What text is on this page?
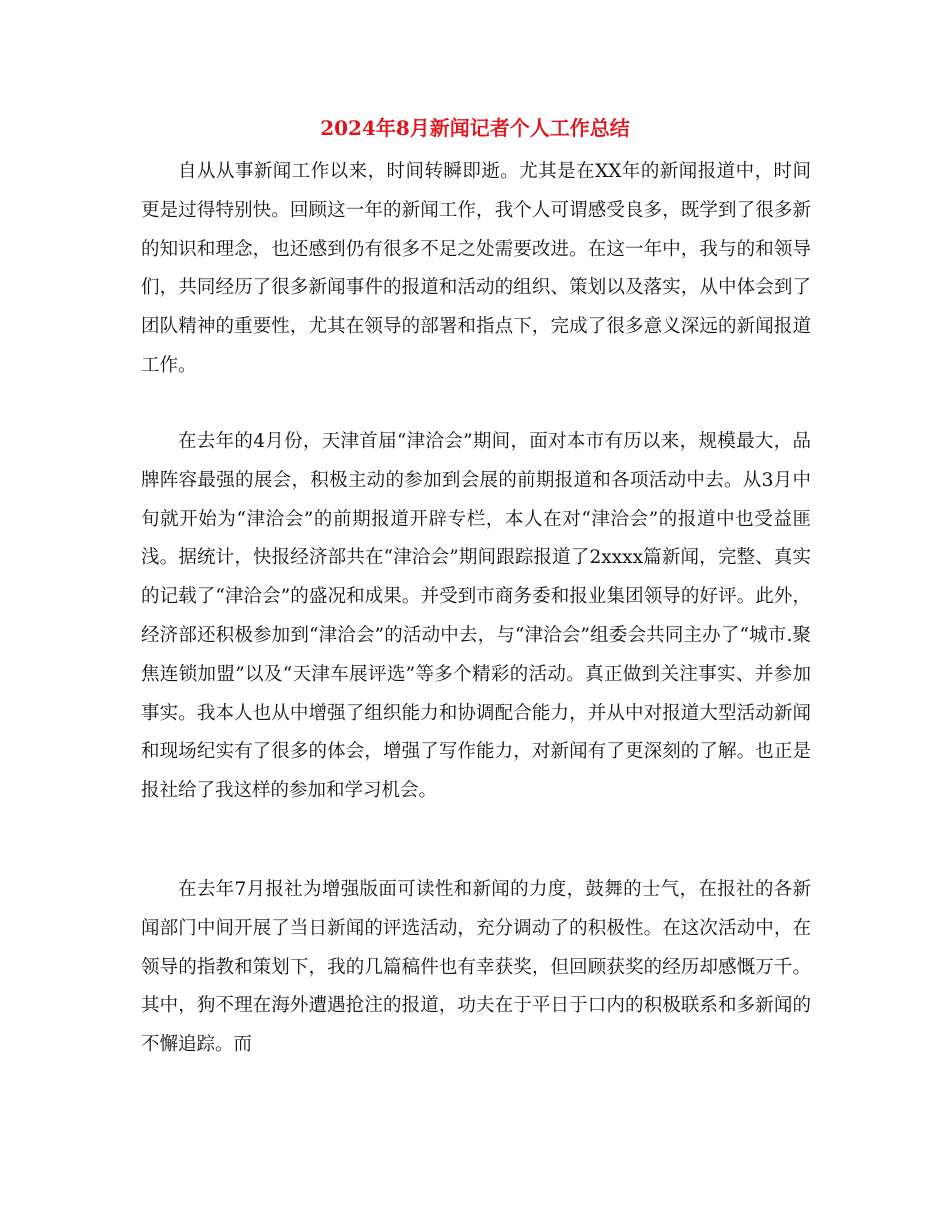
2024年8月新闻记者个人工作总结

自从从事新闻工作以来，时间转瞬即逝。尤其是在XX年的新闻报道中，时间更是过得特别快。回顾这一年的新闻工作，我个人可谓感受良多，既学到了很多新的知识和理念，也还感到仍有很多不足之处需要改进。在这一年中，我与的和领导们，共同经历了很多新闻事件的报道和活动的组织、策划以及落实，从中体会到了团队精神的重要性，尤其在领导的部署和指点下，完成了很多意义深远的新闻报道工作。

在去年的4月份，天津首届“津洽会”期间，面对本市有历以来，规模最大，品牌阵容最强的展会，积极主动的参加到会展的前期报道和各项活动中去。从3月中旬就开始为“津洽会”的前期报道开辟专栏，本人在对“津洽会”的报道中也受益匪浅。据统计，快报经济部共在“津洽会”期间跟踪报道了2xxxx篇新闻，完整、真实的记载了“津洽会”的盛况和成果。并受到市商务委和报业集团领导的好评。此外，经济部还积极参加到“津洽会”的活动中去，与“津洽会”组委会共同主办了“城市.聚焦连锁加盟”以及“天津车展评选”等多个精彩的活动。真正做到关注事实、并参加事实。我本人也从中增强了组织能力和协调配合能力，并从中对报道大型活动新闻和现场纪实有了很多的体会，增强了写作能力，对新闻有了更深刻的了解。也正是报社给了我这样的参加和学习机会。

在去年7月报社为增强版面可读性和新闻的力度，鼓舞的士气，在报社的各新闻部门中间开展了当日新闻的评选活动，充分调动了的积极性。在这次活动中，在领导的指教和策划下，我的几篇稿件也有幸获奖，但回顾获奖的经历却感慨万千。其中，狗不理在海外遭遇抢注的报道，功夫在于平日于口内的积极联系和多新闻的不懈追踪。而
